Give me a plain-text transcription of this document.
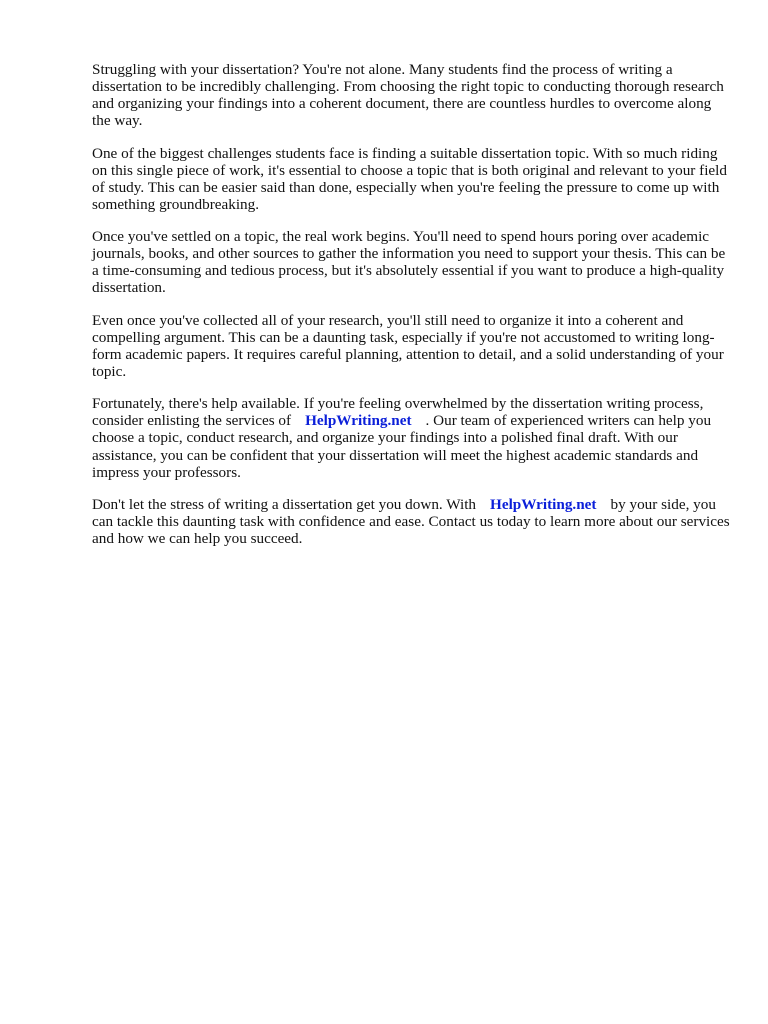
Struggling with your dissertation? You're not alone. Many students find the process of writing a dissertation to be incredibly challenging. From choosing the right topic to conducting thorough research and organizing your findings into a coherent document, there are countless hurdles to overcome along the way.

One of the biggest challenges students face is finding a suitable dissertation topic. With so much riding on this single piece of work, it's essential to choose a topic that is both original and relevant to your field of study. This can be easier said than done, especially when you're feeling the pressure to come up with something groundbreaking.

Once you've settled on a topic, the real work begins. You'll need to spend hours poring over academic journals, books, and other sources to gather the information you need to support your thesis. This can be a time-consuming and tedious process, but it's absolutely essential if you want to produce a high-quality dissertation.

Even once you've collected all of your research, you'll still need to organize it into a coherent and compelling argument. This can be a daunting task, especially if you're not accustomed to writing long-form academic papers. It requires careful planning, attention to detail, and a solid understanding of your topic.

Fortunately, there's help available. If you're feeling overwhelmed by the dissertation writing process, consider enlisting the services of HelpWriting.net . Our team of experienced writers can help you choose a topic, conduct research, and organize your findings into a polished final draft. With our assistance, you can be confident that your dissertation will meet the highest academic standards and impress your professors.

Don't let the stress of writing a dissertation get you down. With HelpWriting.net by your side, you can tackle this daunting task with confidence and ease. Contact us today to learn more about our services and how we can help you succeed.
